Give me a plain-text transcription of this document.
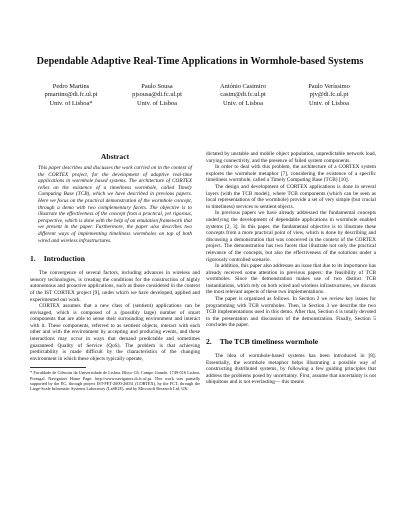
Dependable Adaptive Real-Time Applications in Wormhole-based Systems
Pedro Martins
pmartins@di.fc.ul.pt
Univ. of Lisboa*
Paulo Sousa
pjsousa@di.fc.ul.pt
Univ. of Lisboa
António Casimiro
casim@di.fc.ul.pt
Univ. of Lisboa
Paulo Veríssimo
pjv@di.fc.ul.pt
Univ. of Lisboa
Abstract

This paper describes and discusses the work carried on in the context of the CORTEX project, for the development of adaptive real-time applications in wormhole based systems. The architecture of CORTEX relies on the existence of a timeliness wormhole, called Timely Computing Base (TCB), which we have described in previous papers. Here we focus on the practical demonstration of the wormhole concept, through a demo with two complementary facets. The objective is to illustrate the effectiveness of the concept from a practical, yet rigorous, perspective, which is done with the help of an emulation framework that we present in the paper. Furthermore, the paper also describes two different ways of implementing timeliness wormholes on top of both wired and wireless infrastructures.

1. Introduction

The convergence of several factors, including advances in wireless and sensory technologies, is creating the conditions for the construction of highly autonomous and proactive applications, such as those considered in the context of the IST CORTEX project [9], under which we have developed, applied and experimented our work.

CORTEX assumes that a new class of (sentient) applications can be envisaged, which is composed of a (possibly large) number of smart components that are able to sense their surrounding environment and interact with it. These components, referred to as sentient objects, interact with each other and with the environment by accepting and producing events, and these interactions may occur in ways that demand predictable and sometimes guaranteed Quality of Service (QoS). The problem is that achieving predictability is made difficult by the characteristics of the changing environment in which these objects typically operate,

* Faculdade de Ciências da Universidade de Lisboa. Bloco C6, Campo Grande, 1749-016 Lisboa, Portugal. Navigators Home Page: http://www.navigators.di.fc.ul.pt. This work was partially supported by the EC, through project IST-FET-2000-26031 (CORTEX), by the FCT, through the Large-Scale Informatic Systems Laboratory (LaSIGE), and by Microsoft Research Ltd, UK.

dictated by unstable and mobile object population, unpredictable network load, varying connectivity, and the presence of failed system components.

In order to deal with this problem, the architecture of a CORTEX system explores the wormhole metaphor [7], considering the existence of a specific timeliness wormhole, called a Timely Computing Base (TCB) [10].

The design and development of CORTEX applications is done in several layers (with the TCB model), where TCB components (which can be seen as local representations of the wormhole) provide a set of very simple (but crucial to timeliness) services to sentient objects.

In previous papers we have already addressed the fundamental concepts underlying the development of dependable applications in wormhole enabled systems [2, 3]. In this paper, the fundamental objective is to illustrate these concepts from a more practical point of view, which is done by describing and discussing a demonstration that was conceived in the context of the CORTEX project. The demonstration has two facets that illustrate not only the practical relevance of the concepts, but also the effectiveness of the solutions under a rigorously controlled scenario.

In addition, this paper also addresses an issue that due to its importance has already received some attention in previous papers: the feasibility of TCB wormholes. Since the demonstration makes use of two distinct TCB instantiations, which rely on both wired and wireless infrastructures, we discuss the most relevant aspects of these two implementations.

The paper is organized as follows. In Section 2 we review key issues for programming with TCB wormholes. Then, in Section 3 we describe the two TCB implementations used in this demo. After that, Section 4 is totally devoted to the presentation and discussion of the demonstration. Finally, Section 5 concludes the paper.

2. The TCB timeliness wormhole

The idea of wormhole-based systems has been introduced in [8]. Essentially, the wormhole metaphor helps illustrating a possible way of constructing distributed systems, by following a few guiding principles that address the problems posed by uncertainty. First, assume that uncertainty is not ubiquitous and is not everlasting— this means
